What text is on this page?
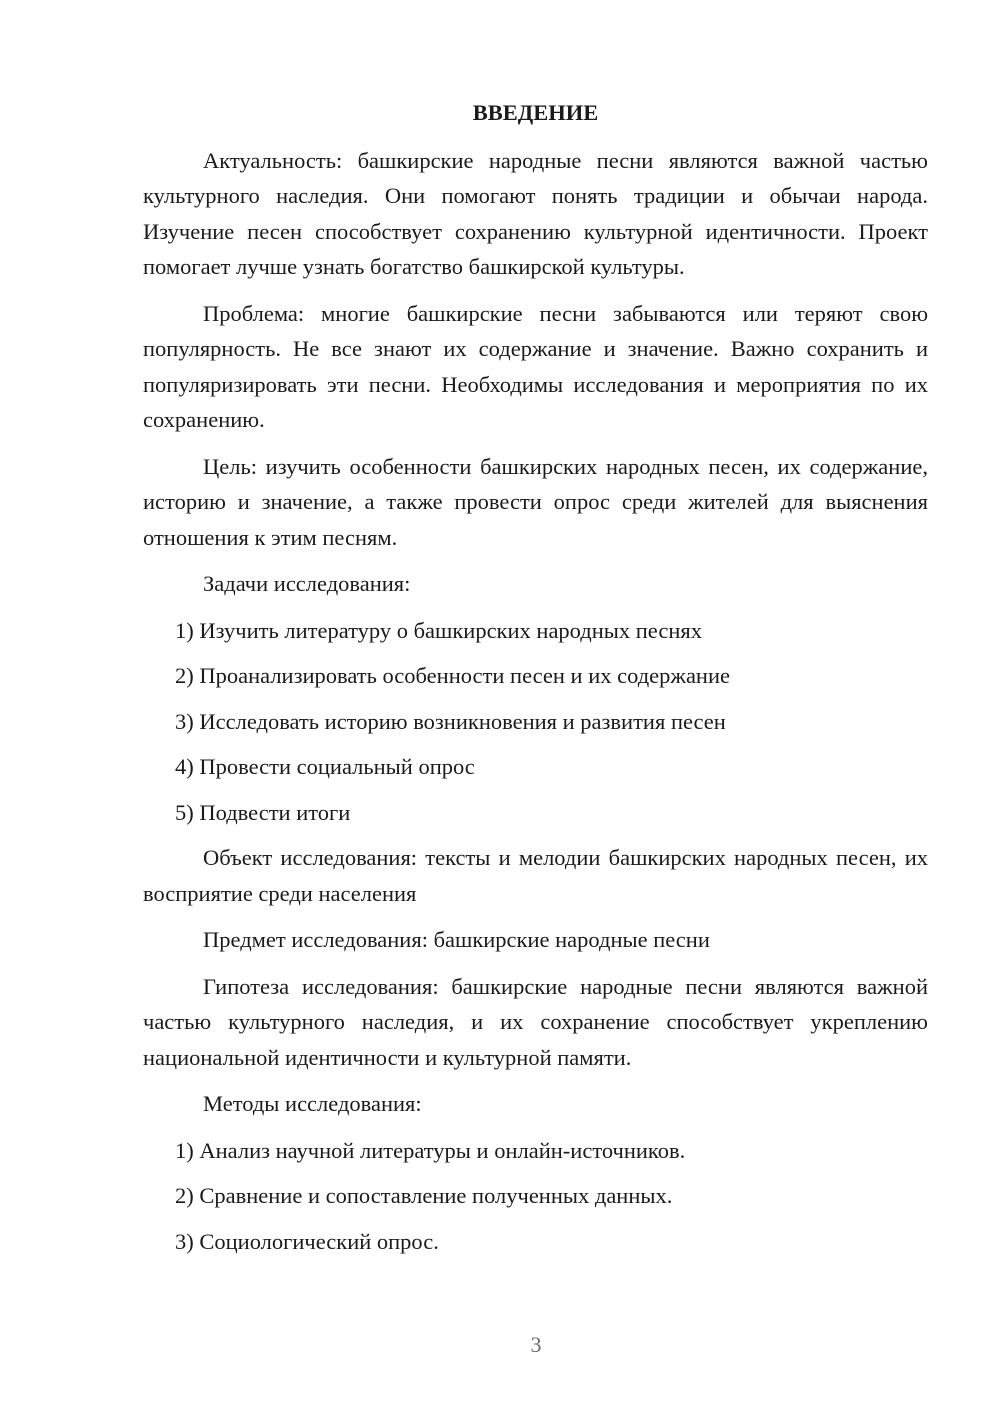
ВВЕДЕНИЕ

Актуальность: башкирские народные песни являются важной частью культурного наследия. Они помогают понять традиции и обычаи народа. Изучение песен способствует сохранению культурной идентичности. Проект помогает лучше узнать богатство башкирской культуры.

Проблема: многие башкирские песни забываются или теряют свою популярность. Не все знают их содержание и значение. Важно сохранить и популяризировать эти песни. Необходимы исследования и мероприятия по их сохранению.

Цель: изучить особенности башкирских народных песен, их содержание, историю и значение, а также провести опрос среди жителей для выяснения отношения к этим песням.

Задачи исследования:

1) Изучить литературу о башкирских народных песнях
2) Проанализировать особенности песен и их содержание
3) Исследовать историю возникновения и развития песен
4) Провести социальный опрос
5) Подвести итоги

Объект исследования: тексты и мелодии башкирских народных песен, их восприятие среди населения

Предмет исследования: башкирские народные песни

Гипотеза исследования: башкирские народные песни являются важной частью культурного наследия, и их сохранение способствует укреплению национальной идентичности и культурной памяти.

Методы исследования:

1) Анализ научной литературы и онлайн-источников.
2) Сравнение и сопоставление полученных данных.
3) Социологический опрос.
3
